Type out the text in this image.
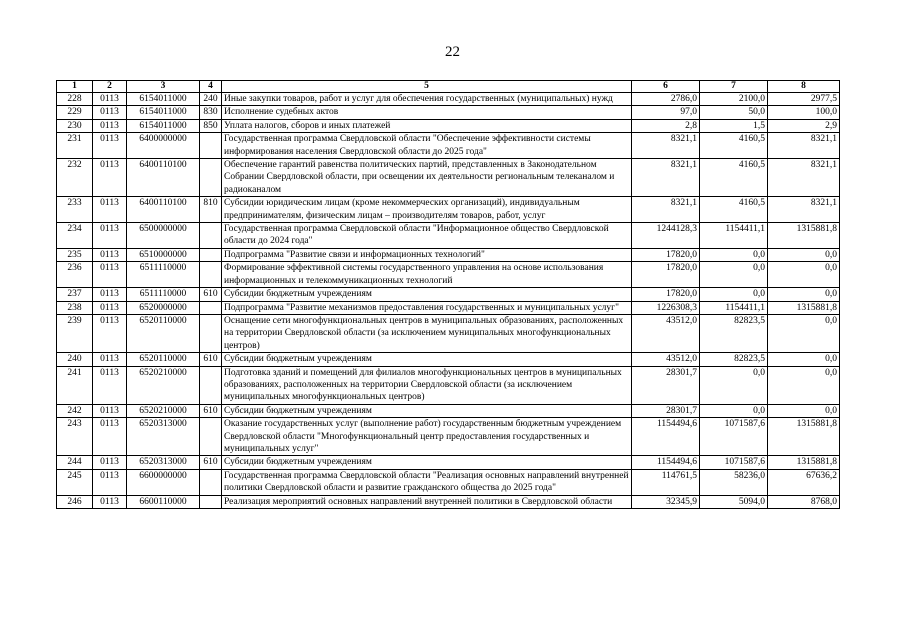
22
1	2	3	4	5	6	7	8
228	0113	6154011000	240	Иные закупки товаров, работ и услуг для обеспечения государственных (муниципальных) нужд	2786,0	2100,0	2977,5
229	0113	6154011000	830	Исполнение судебных актов	97,0	50,0	100,0
230	0113	6154011000	850	Уплата налогов, сборов и иных платежей	2,8	1,5	2,9
231	0113	6400000000		Государственная программа Свердловской области "Обеспечение эффективности системы информирования населения Свердловской области до 2025 года"	8321,1	4160,5	8321,1
232	0113	6400110100		Обеспечение гарантий равенства политических партий, представленных в Законодательном Собрании Свердловской области, при освещении их деятельности региональным телеканалом и радиоканалом	8321,1	4160,5	8321,1
233	0113	6400110100	810	Субсидии юридическим лицам (кроме некоммерческих организаций), индивидуальным предпринимателям, физическим лицам – производителям товаров, работ, услуг	8321,1	4160,5	8321,1
234	0113	6500000000		Государственная программа Свердловской области "Информационное общество Свердловской области до 2024 года"	1244128,3	1154411,1	1315881,8
235	0113	6510000000		Подпрограмма "Развитие связи и информационных технологий"	17820,0	0,0	0,0
236	0113	6511110000		Формирование эффективной системы государственного управления на основе использования информационных и телекоммуникационных технологий	17820,0	0,0	0,0
237	0113	6511110000	610	Субсидии бюджетным учреждениям	17820,0	0,0	0,0
238	0113	6520000000		Подпрограмма "Развитие механизмов предоставления государственных и муниципальных услуг"	1226308,3	1154411,1	1315881,8
239	0113	6520110000		Оснащение сети многофункциональных центров в муниципальных образованиях, расположенных на территории Свердловской области (за исключением муниципальных многофункциональных центров)	43512,0	82823,5	0,0
240	0113	6520110000	610	Субсидии бюджетным учреждениям	43512,0	82823,5	0,0
241	0113	6520210000		Подготовка зданий и помещений для филиалов многофункциональных центров в муниципальных образованиях, расположенных на территории Свердловской области (за исключением муниципальных многофункциональных центров)	28301,7	0,0	0,0
242	0113	6520210000	610	Субсидии бюджетным учреждениям	28301,7	0,0	0,0
243	0113	6520313000		Оказание государственных услуг (выполнение работ) государственным бюджетным учреждением Свердловской области "Многофункциональный центр предоставления государственных и муниципальных услуг"	1154494,6	1071587,6	1315881,8
244	0113	6520313000	610	Субсидии бюджетным учреждениям	1154494,6	1071587,6	1315881,8
245	0113	6600000000		Государственная программа Свердловской области "Реализация основных направлений внутренней политики Свердловской области и развитие гражданского общества до 2025 года"	114761,5	58236,0	67636,2
246	0113	6600110000		Реализация мероприятий основных направлений внутренней политики в Свердловской области	32345,9	5094,0	8768,0
